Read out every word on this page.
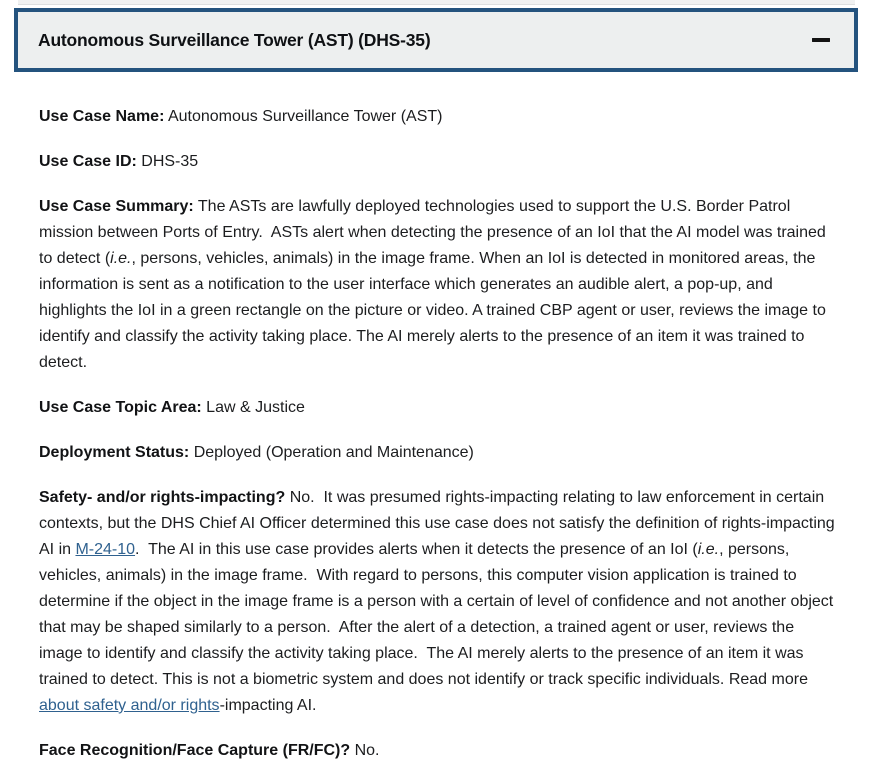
Autonomous Surveillance Tower (AST) (DHS-35)

Use Case Name: Autonomous Surveillance Tower (AST)

Use Case ID: DHS-35

Use Case Summary: The ASTs are lawfully deployed technologies used to support the U.S. Border Patrol mission between Ports of Entry.  ASTs alert when detecting the presence of an IoI that the AI model was trained to detect (i.e., persons, vehicles, animals) in the image frame. When an IoI is detected in monitored areas, the information is sent as a notification to the user interface which generates an audible alert, a pop-up, and highlights the IoI in a green rectangle on the picture or video. A trained CBP agent or user, reviews the image to identify and classify the activity taking place. The AI merely alerts to the presence of an item it was trained to detect.

Use Case Topic Area: Law & Justice

Deployment Status: Deployed (Operation and Maintenance)

Safety- and/or rights-impacting? No.  It was presumed rights-impacting relating to law enforcement in certain contexts, but the DHS Chief AI Officer determined this use case does not satisfy the definition of rights-impacting AI in M-24-10.  The AI in this use case provides alerts when it detects the presence of an IoI (i.e., persons, vehicles, animals) in the image frame.  With regard to persons, this computer vision application is trained to determine if the object in the image frame is a person with a certain of level of confidence and not another object that may be shaped similarly to a person.  After the alert of a detection, a trained agent or user, reviews the image to identify and classify the activity taking place.  The AI merely alerts to the presence of an item it was trained to detect. This is not a biometric system and does not identify or track specific individuals. Read more about safety and/or rights-impacting AI.

Face Recognition/Face Capture (FR/FC)? No.
